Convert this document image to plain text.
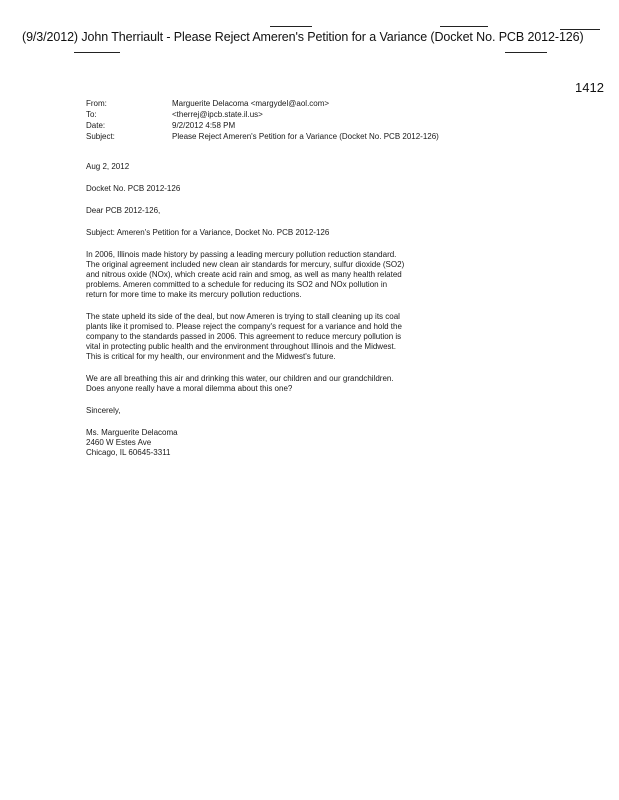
(9/3/2012) John Therriault - Please Reject Ameren's Petition for a Variance (Docket No. PCB 2012-126)
1412
From:	Marguerite Delacoma <margydel@aol.com>
To:	<therrej@ipcb.state.il.us>
Date:	9/2/2012 4:58 PM
Subject:	Please Reject Ameren's Petition for a Variance (Docket No. PCB 2012-126)

Aug 2, 2012

Docket No. PCB 2012-126

Dear PCB 2012-126,

Subject: Ameren's Petition for a Variance, Docket No. PCB 2012-126

In 2006, Illinois made history by passing a leading mercury pollution reduction standard. The original agreement included new clean air standards for mercury, sulfur dioxide (SO2) and nitrous oxide (NOx), which create acid rain and smog, as well as many health related problems. Ameren committed to a schedule for reducing its SO2 and NOx pollution in return for more time to make its mercury pollution reductions.

The state upheld its side of the deal, but now Ameren is trying to stall cleaning up its coal plants like it promised to. Please reject the company's request for a variance and hold the company to the standards passed in 2006. This agreement to reduce mercury pollution is vital in protecting public health and the environment throughout Illinois and the Midwest. This is critical for my health, our environment and the Midwest's future.

We are all breathing this air and drinking this water, our children and our grandchildren. Does anyone really have a moral dilemma about this one?

Sincerely,

Ms. Marguerite Delacoma

2460 W Estes Ave

Chicago, IL 60645-3311
